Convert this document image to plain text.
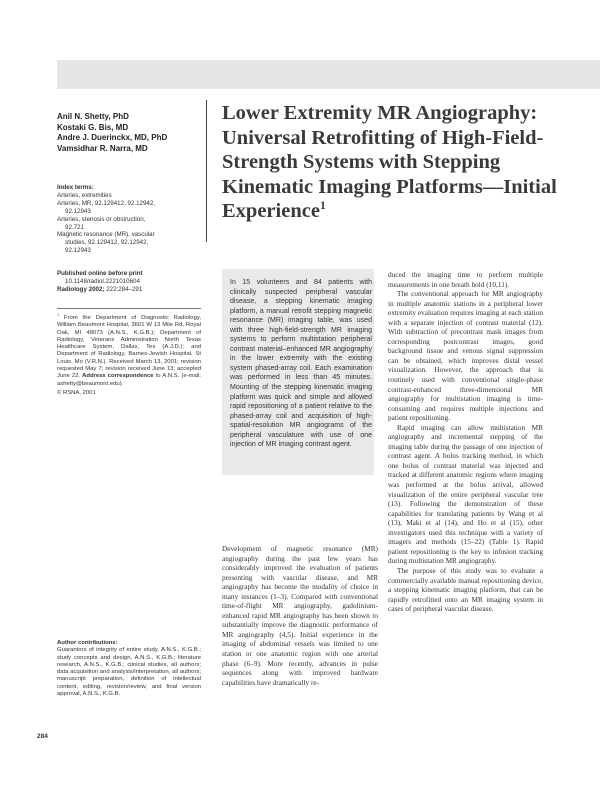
Anil N. Shetty, PhD
Kostaki G. Bis, MD
Andre J. Duerinckx, MD, PhD
Vamsidhar R. Narra, MD
Lower Extremity MR Angiography: Universal Retrofitting of High-Field-Strength Systems with Stepping Kinematic Imaging Platforms—Initial Experience$^1$
Index terms:
Arteries, extremities
Arteries, MR, 92.129412, 92.12942,
92.12943
Arteries, stenosis or obstruction,
92.721
Magnetic resonance (MR), vascular
studies, 92.129412, 92.12942,
92.12943
Published online before print
10.1148/radiol.2221010604
Radiology 2002; 222:284–291
$^1$ From the Department of Diagnostic Radiology, William Beaumont Hospital, 3601 W 13 Mile Rd, Royal Oak, MI 48073 (A.N.S., K.G.B.); Department of Radiology, Veterans Administration North Texas Healthcare System, Dallas, Tex (A.J.D.); and Department of Radiology, Barnes-Jewish Hospital, St Louis, Mo (V.R.N.). Received March 13, 2001; revision requested May 7; revision received June 13; accepted June 22. Address correspondence to A.N.S. (e-mail: ashetty@beaumont.edu).
© RSNA, 2001
In 15 volunteers and 84 patients with clinically suspected peripheral vascular disease, a stepping kinematic imaging platform, a manual retrofit stepping magnetic resonance (MR) imaging table, was used with three high-field-strength MR imaging systems to perform multistation peripheral contrast material–enhanced MR angiography in the lower extremity with the existing system phased-array coil. Each examination was performed in less than 45 minutes. Mounting of the stepping kinematic imaging platform was quick and simple and allowed rapid repositioning of a patient relative to the phased-array coil and acquisition of high-spatial-resolution MR angiograms of the peripheral vasculature with use of one injection of MR imaging contrast agent.

Development of magnetic resonance (MR) angiography during the past few years has considerably improved the evaluation of patients presenting with vascular disease, and MR angiography has become the modality of choice in many instances (1–3). Compared with conventional time-of-flight MR angiography, gadolinium-enhanced rapid MR angiography has been shown to substantially improve the diagnostic performance of MR angiography (4,5). Initial experience in the imaging of abdominal vessels was limited to one station or one anatomic region with one arterial phase (6–9). More recently, advances in pulse sequences along with improved hardware capabilities have dramatically re-

duced the imaging time to perform multiple measurements in one breath hold (10,11).

The conventional approach for MR angiography in multiple anatomic stations in a peripheral lower extremity evaluation requires imaging at each station with a separate injection of contrast material (12). With subtraction of precontrast mask images from corresponding postcontrast images, good background tissue and venous signal suppression can be obtained, which improves distal vessel visualization. However, the approach that is routinely used with conventional single-phase contrast-enhanced three-dimensional MR angiography for multistation imaging is time-consuming and requires multiple injections and patient repositioning.

Rapid imaging can allow multistation MR angiography and incremental stepping of the imaging table during the passage of one injection of contrast agent. A bolus tracking method, in which one bolus of contrast material was injected and tracked at different anatomic regions where imaging was performed at the bolus arrival, allowed visualization of the entire peripheral vascular tree (13). Following the demonstration of these capabilities for translating patients by Wang et al (13), Maki et al (14), and Ho et al (15), other investigators used this technique with a variety of imagers and methods (15–22) (Table 1). Rapid patient repositioning is the key to infusion tracking during multistation MR angiography.

The purpose of this study was to evaluate a commercially available manual repositioning device, a stepping kinematic imaging platform, that can be rapidly retrofitted onto an MR imaging system in cases of peripheral vascular disease.

Author contributions:
Guarantors of integrity of entire study, A.N.S., K.G.B.; study concepts and design, A.N.S., K.G.B.; literature research, A.N.S., K.G.B.; clinical studies, all authors; data acquisition and analysis/interpretation, all authors; manuscript preparation, definition of intellectual content, editing, revision/review, and final version approval, A.N.S., K.G.B.
284
